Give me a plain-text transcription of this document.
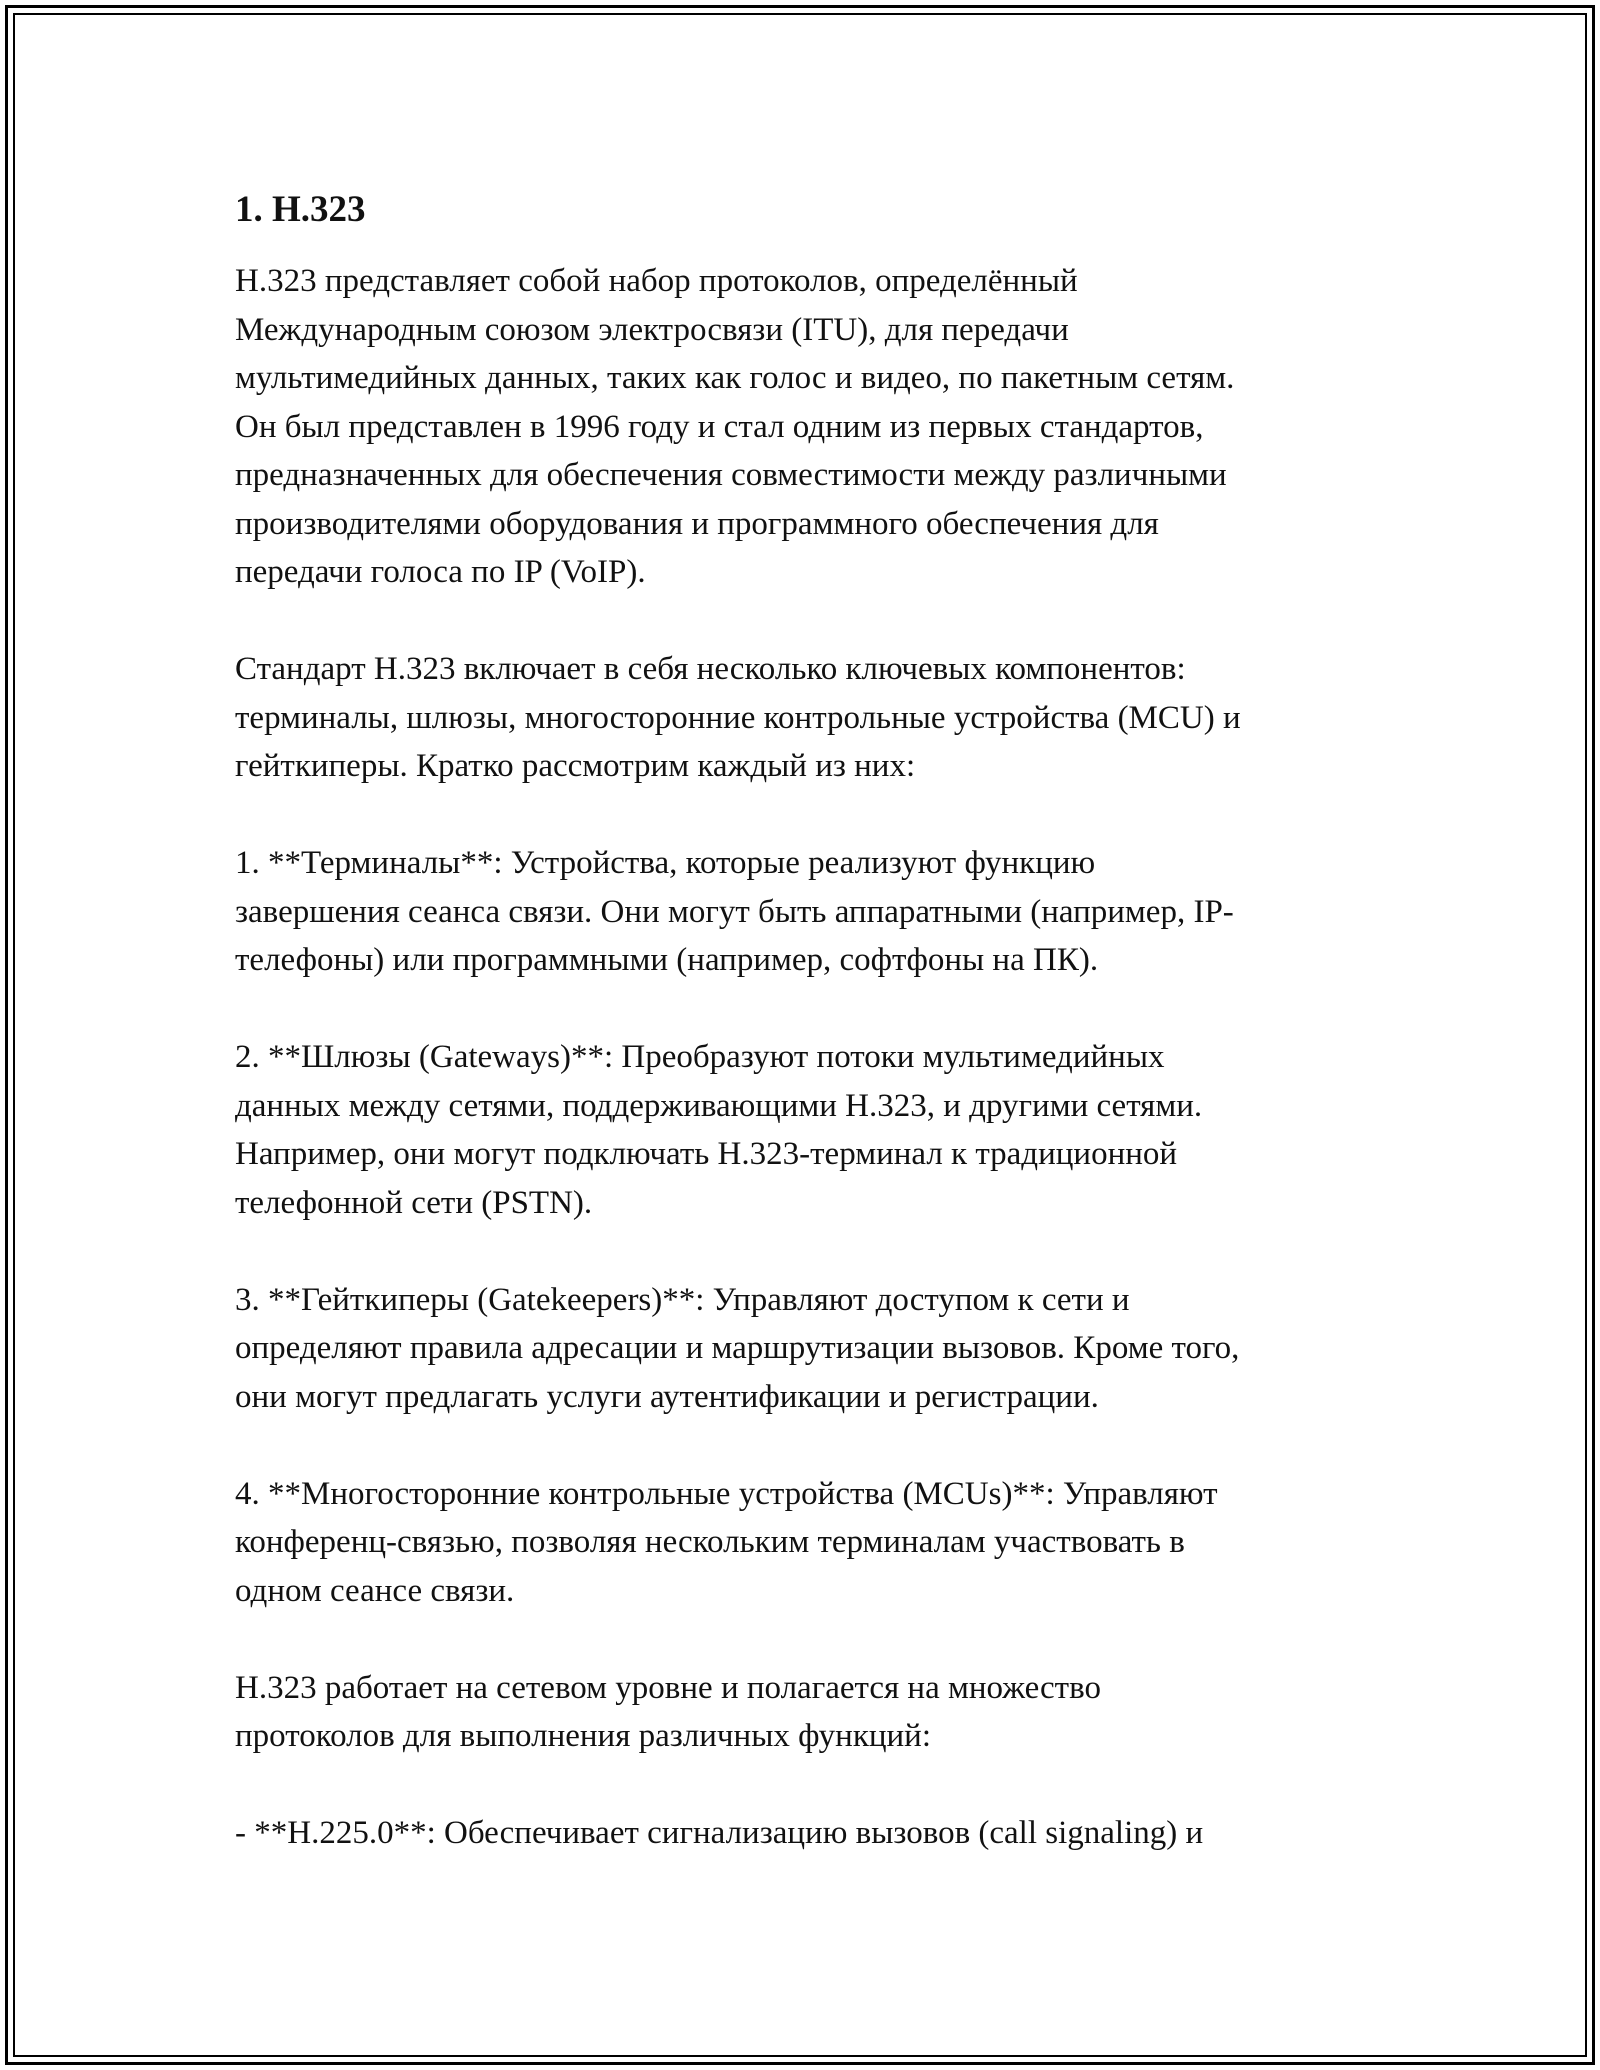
1. H.323
H.323 представляет собой набор протоколов, определённый
Международным союзом электросвязи (ITU), для передачи
мультимедийных данных, таких как голос и видео, по пакетным сетям.
Он был представлен в 1996 году и стал одним из первых стандартов,
предназначенных для обеспечения совместимости между различными
производителями оборудования и программного обеспечения для
передачи голоса по IP (VoIP).
Стандарт H.323 включает в себя несколько ключевых компонентов:
терминалы, шлюзы, многосторонние контрольные устройства (MCU) и
гейткиперы. Кратко рассмотрим каждый из них:
1. **Терминалы**: Устройства, которые реализуют функцию
завершения сеанса связи. Они могут быть аппаратными (например, IP-
телефоны) или программными (например, софтфоны на ПК).
2. **Шлюзы (Gateways)**: Преобразуют потоки мультимедийных
данных между сетями, поддерживающими H.323, и другими сетями.
Например, они могут подключать H.323-терминал к традиционной
телефонной сети (PSTN).
3. **Гейткиперы (Gatekeepers)**: Управляют доступом к сети и
определяют правила адресации и маршрутизации вызовов. Кроме того,
они могут предлагать услуги аутентификации и регистрации.
4. **Многосторонние контрольные устройства (MCUs)**: Управляют
конференц-связью, позволяя нескольким терминалам участвовать в
одном сеансе связи.
H.323 работает на сетевом уровне и полагается на множество
протоколов для выполнения различных функций:
- **H.225.0**: Обеспечивает сигнализацию вызовов (call signaling) и
